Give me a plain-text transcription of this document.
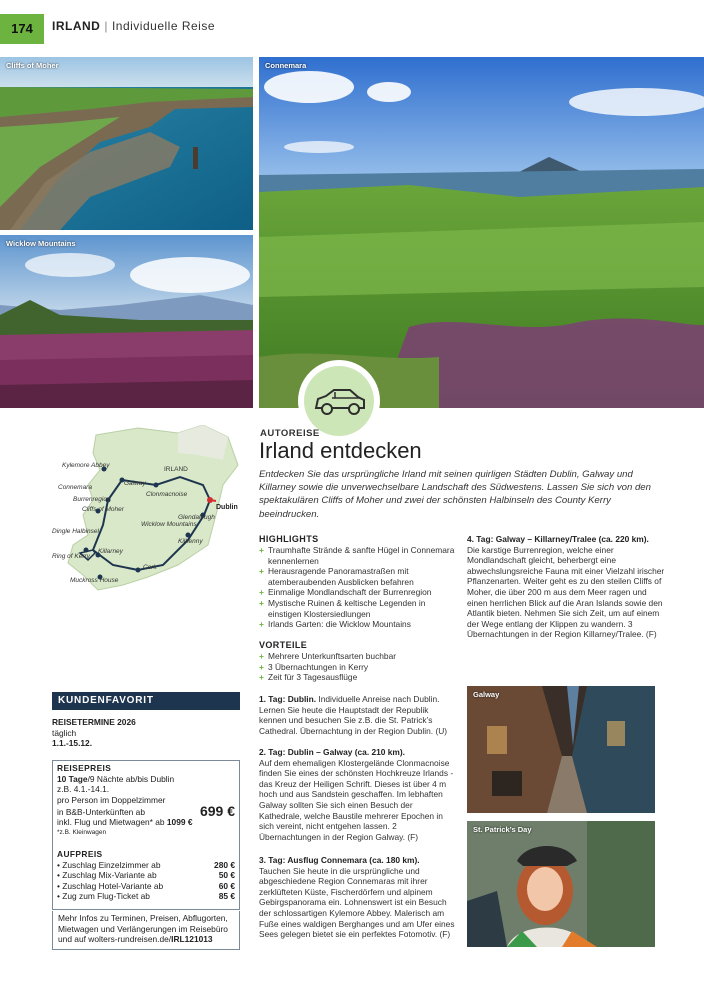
174	IRLAND | Individuelle Reise
Cliffs of Moher
Wicklow Mountains
Connemara
Kylemore Abbey
Connemara
Galway
Burrenregion
Cliffs of Moher
Clonmacnoise
Glendalough
Wicklow Mountains
Dingle Halbinsel
Ring of Kerry
Killarney
Kilkenny
Cork
Muckross House
IRLAND
Dublin
AUTOREISE
Irland entdecken
Entdecken Sie das ursprüngliche Irland mit seinen quirligen Städten Dublin, Galway und Killarney sowie die unverwechselbare Landschaft des Südwestens. Lassen Sie sich von den spektakulären Cliffs of Moher und zwei der schönsten Halbinseln des County Kerry beeindrucken.
HIGHLIGHTS
+ Traumhafte Strände & sanfte Hügel in Connemara kennenlernen
+ Herausragende Panoramastraßen mit atemberaubenden Ausblicken befahren
+ Einmalige Mondlandschaft der Burrenregion
+ Mystische Ruinen & keltische Legenden in einstigen Klostersiedlungen
+ Irlands Garten: die Wicklow Mountains
VORTEILE
+ Mehrere Unterkunftsarten buchbar
+ 3 Übernachtungen in Kerry
+ Zeit für 3 Tagesausflüge
1. Tag: Dublin. Individuelle Anreise nach Dublin. Lernen Sie heute die Hauptstadt der Republik kennen und besuchen Sie z.B. die St. Patrick’s Cathedral. Übernachtung in der Region Dublin. (U)
2. Tag: Dublin – Galway (ca. 210 km).
Auf dem ehemaligen Klostergelände Clonmacnoise finden Sie eines der schönsten Hochkreuze Irlands - das Kreuz der Heiligen Schrift. Dieses ist über 4 m hoch und aus Sandstein geschaffen. Im lebhaften Galway sollten Sie sich einen Besuch der Kathedrale, welche Baustile mehrerer Epochen in sich vereint, nicht entgehen lassen. 2 Übernachtungen in der Region Galway. (F)
3. Tag: Ausflug Connemara (ca. 180 km).
Tauchen Sie heute in die ursprüngliche und abgeschiedene Region Connemaras mit ihrer zerklüfteten Küste, Fischerdörfern und alpinem Gebirgspanorama ein. Lohnenswert ist ein Besuch der schlossartigen Kylemore Abbey. Malerisch am Fuße eines waldigen Berghanges und am Ufer eines Sees gelegen bietet sie ein perfektes Fotomotiv. (F)
4. Tag: Galway – Killarney/Tralee (ca. 220 km).
Die karstige Burrenregion, welche einer Mondlandschaft gleicht, beherbergt eine abwechslungsreiche Fauna mit einer Vielzahl irischer Pflanzenarten. Weiter geht es zu den steilen Cliffs of Moher, die über 200 m aus dem Meer ragen und einen herrlichen Blick auf die Aran Islands sowie den Atlantik bieten. Nehmen Sie sich Zeit, um auf einem der Wege entlang der Klippen zu wandern. 3 Übernachtungen in der Region Killarney/Tralee. (F)
Galway
St. Patrick’s Day
KUNDENFAVORIT
REISETERMINE 2026
täglich
1.1.-15.12.
REISEPREIS
10 Tage/9 Nächte ab/bis Dublin
z.B. 4.1.-14.1.
pro Person im Doppelzimmer
in B&B-Unterkünften ab	699 €
inkl. Flug und Mietwagen* ab 1099 €
*z.B. Kleinwagen
AUFPREIS
• Zuschlag Einzelzimmer ab	280 €
• Zuschlag Mix-Variante ab	50 €
• Zuschlag Hotel-Variante ab	60 €
• Zug zum Flug-Ticket ab	85 €
Mehr Infos zu Terminen, Preisen, Abflugorten, Mietwagen und Verlängerungen im Reisebüro und auf wolters-rundreisen.de/IRL121013
